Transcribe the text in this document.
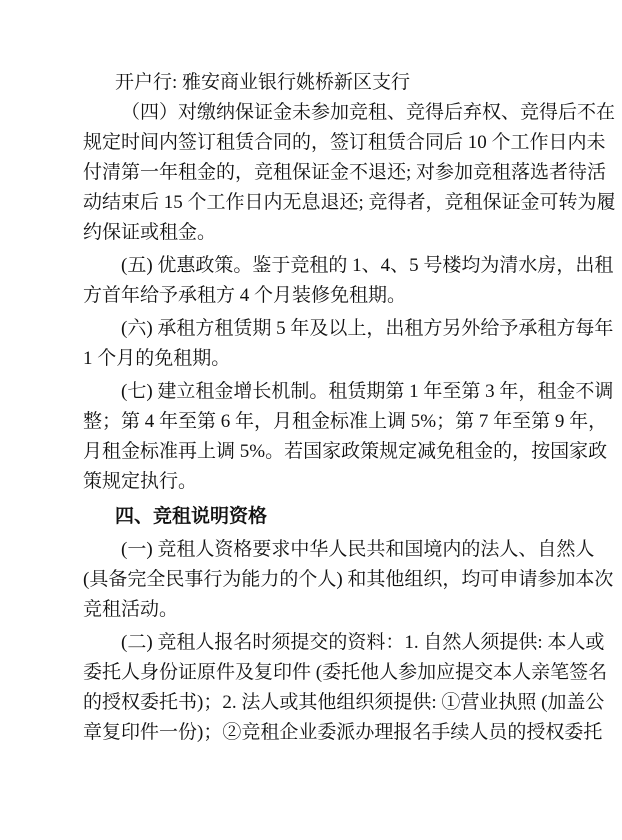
开户行: 雅安商业银行姚桥新区支行
（四）对缴纳保证金未参加竞租、竞得后弃权、竞得后不在
规定时间内签订租赁合同的，签订租赁合同后 10 个工作日内未
付清第一年租金的，竞租保证金不退还; 对参加竞租落选者待活
动结束后 15 个工作日内无息退还; 竞得者，竞租保证金可转为履
约保证或租金。
(五) 优惠政策。鉴于竞租的 1、4、5 号楼均为清水房，出租
方首年给予承租方 4 个月装修免租期。
(六) 承租方租赁期 5 年及以上，出租方另外给予承租方每年
1 个月的免租期。
(七) 建立租金增长机制。租赁期第 1 年至第 3 年，租金不调
整；第 4 年至第 6 年，月租金标准上调 5%；第 7 年至第 9 年，
月租金标准再上调 5%。若国家政策规定减免租金的，按国家政
策规定执行。
四、竞租说明资格
(一) 竞租人资格要求中华人民共和国境内的法人、自然人
(具备完全民事行为能力的个人) 和其他组织，均可申请参加本次
竞租活动。
(二) 竞租人报名时须提交的资料：1. 自然人须提供: 本人或
委托人身份证原件及复印件 (委托他人参加应提交本人亲笔签名
的授权委托书)；2. 法人或其他组织须提供: ①营业执照 (加盖公
章复印件一份)；②竞租企业委派办理报名手续人员的授权委托
